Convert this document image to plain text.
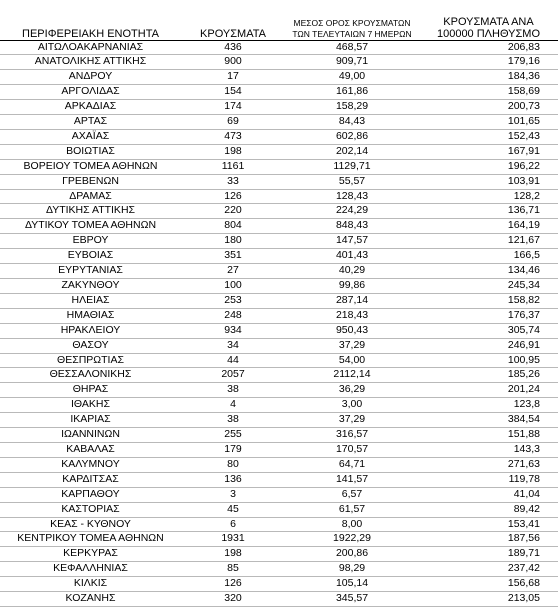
ΠΕΡΙΦΕΡΕΙΑΚΗ ΕΝΟΤΗΤΑ	ΚΡΟΥΣΜΑΤΑ	ΜΕΣΟΣ ΟΡΟΣ ΚΡΟΥΣΜΑΤΩΝ ΤΩΝ ΤΕΛΕΥΤΑΙΩΝ 7 ΗΜΕΡΩΝ	ΚΡΟΥΣΜΑΤΑ ΑΝΑ 100000 ΠΛΗΘΥΣΜΟ
ΑΙΤΩΛΟΑΚΑΡΝΑΝΙΑΣ	436	468,57	206,83
ΑΝΑΤΟΛΙΚΗΣ ΑΤΤΙΚΗΣ	900	909,71	179,16
ΑΝΔΡΟΥ	17	49,00	184,36
ΑΡΓΟΛΙΔΑΣ	154	161,86	158,69
ΑΡΚΑΔΙΑΣ	174	158,29	200,73
ΑΡΤΑΣ	69	84,43	101,65
ΑΧΑΪΑΣ	473	602,86	152,43
ΒΟΙΩΤΙΑΣ	198	202,14	167,91
ΒΟΡΕΙΟΥ ΤΟΜΕΑ ΑΘΗΝΩΝ	1161	1129,71	196,22
ΓΡΕΒΕΝΩΝ	33	55,57	103,91
ΔΡΑΜΑΣ	126	128,43	128,2
ΔΥΤΙΚΗΣ ΑΤΤΙΚΗΣ	220	224,29	136,71
ΔΥΤΙΚΟΥ ΤΟΜΕΑ ΑΘΗΝΩΝ	804	848,43	164,19
ΕΒΡΟΥ	180	147,57	121,67
ΕΥΒΟΙΑΣ	351	401,43	166,5
ΕΥΡΥΤΑΝΙΑΣ	27	40,29	134,46
ΖΑΚΥΝΘΟΥ	100	99,86	245,34
ΗΛΕΙΑΣ	253	287,14	158,82
ΗΜΑΘΙΑΣ	248	218,43	176,37
ΗΡΑΚΛΕΙΟΥ	934	950,43	305,74
ΘΑΣΟΥ	34	37,29	246,91
ΘΕΣΠΡΩΤΙΑΣ	44	54,00	100,95
ΘΕΣΣΑΛΟΝΙΚΗΣ	2057	2112,14	185,26
ΘΗΡΑΣ	38	36,29	201,24
ΙΘΑΚΗΣ	4	3,00	123,8
ΙΚΑΡΙΑΣ	38	37,29	384,54
ΙΩΑΝΝΙΝΩΝ	255	316,57	151,88
ΚΑΒΑΛΑΣ	179	170,57	143,3
ΚΑΛΥΜΝΟΥ	80	64,71	271,63
ΚΑΡΔΙΤΣΑΣ	136	141,57	119,78
ΚΑΡΠΑΘΟΥ	3	6,57	41,04
ΚΑΣΤΟΡΙΑΣ	45	61,57	89,42
ΚΕΑΣ - ΚΥΘΝΟΥ	6	8,00	153,41
ΚΕΝΤΡΙΚΟΥ ΤΟΜΕΑ ΑΘΗΝΩΝ	1931	1922,29	187,56
ΚΕΡΚΥΡΑΣ	198	200,86	189,71
ΚΕΦΑΛΛΗΝΙΑΣ	85	98,29	237,42
ΚΙΛΚΙΣ	126	105,14	156,68
ΚΟΖΑΝΗΣ	320	345,57	213,05
